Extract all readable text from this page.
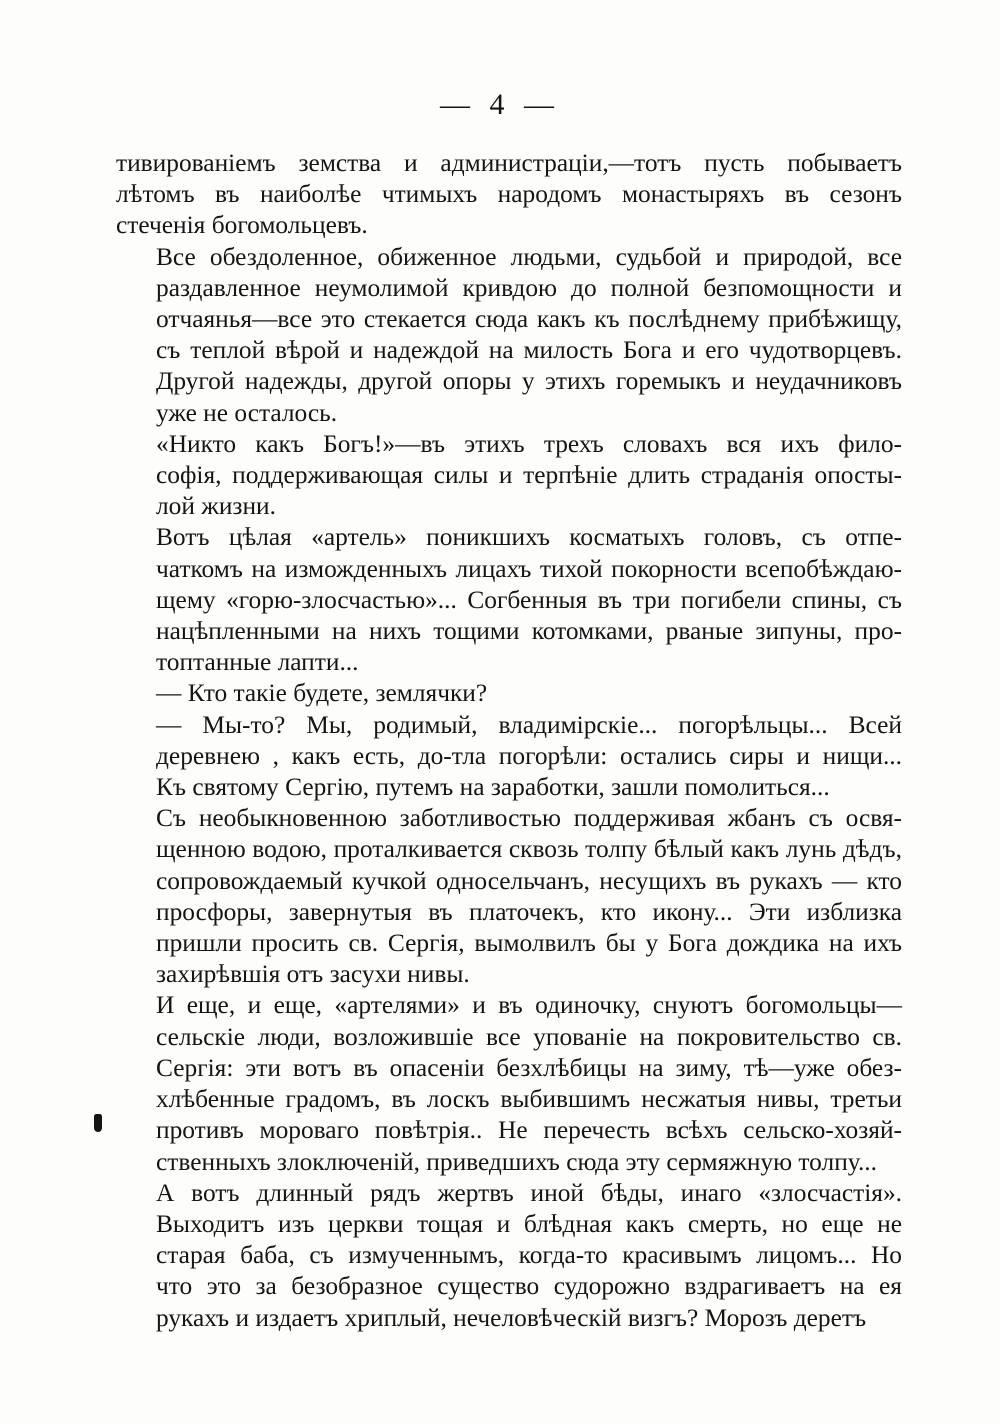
— 4 —

тивированіемъ земства и администраціи,—тотъ пусть побываетъ
лѣтомъ въ наиболѣе чтимыхъ народомъ монастыряхъ въ сезонъ
стеченія богомольцевъ.

Все обездоленное, обиженное людьми, судьбой и природой, все
раздавленное неумолимой кривдою до полной безпомощности и
отчаянья—все это стекается сюда какъ къ послѣднему прибѣжищу,
съ теплой вѣрой и надеждой на милость Бога и его чудотворцевъ.
Другой надежды, другой опоры у этихъ горемыкъ и неудачниковъ
уже не осталось.

«Никто какъ Богъ!»—въ этихъ трехъ словахъ вся ихъ фило-
софія, поддерживающая силы и терпѣніе длить страданія опосты-
лой жизни.

Вотъ цѣлая «артель» поникшихъ косматыхъ головъ, съ отпе-
чаткомъ на изможденныхъ лицахъ тихой покорности всепобѣждаю-
щему «горю-злосчастью»... Согбенныя въ три погибели спины, съ
нацѣпленными на нихъ тощими котомками, рваные зипуны, про-
топтанные лапти...

— Кто такіе будете, землячки?

— Мы-то? Мы, родимый, владимірскіе... погорѣльцы... Всей
деревнею , какъ есть, до-тла погорѣли: остались сиры и нищи...
Къ святому Сергію, путемъ на заработки, зашли помолиться...

Съ необыкновенною заботливостью поддерживая жбанъ съ освя-
щенною водою, проталкивается сквозь толпу бѣлый какъ лунь дѣдъ,
сопровождаемый кучкой односельчанъ, несущихъ въ рукахъ — кто
просфоры, завернутыя въ платочекъ, кто икону... Эти изблизка
пришли просить св. Сергія, вымолвилъ бы у Бога дождика на ихъ
захирѣвшія отъ засухи нивы.

И еще, и еще, «артелями» и въ одиночку, снуютъ богомольцы—
сельскіе люди, возложившіе все упованіе на покровительство св.
Сергія: эти вотъ въ опасеніи безхлѣбицы на зиму, тѣ—уже обез-
хлѣбенные градомъ, въ лоскъ выбившимъ несжатыя нивы, третьи
противъ мороваго повѣтрія.. Не перечесть всѣхъ сельско-хозяй-
ственныхъ злоключеній, приведшихъ сюда эту сермяжную толпу...

А вотъ длинный рядъ жертвъ иной бѣды, инаго «злосчастія».
Выходитъ изъ церкви тощая и блѣдная какъ смерть, но еще не
старая баба, съ измученнымъ, когда-то красивымъ лицомъ... Но
что это за безобразное существо судорожно вздрагиваетъ на ея
рукахъ и издаетъ хриплый, нечеловѣческій визгъ? Морозъ деретъ
